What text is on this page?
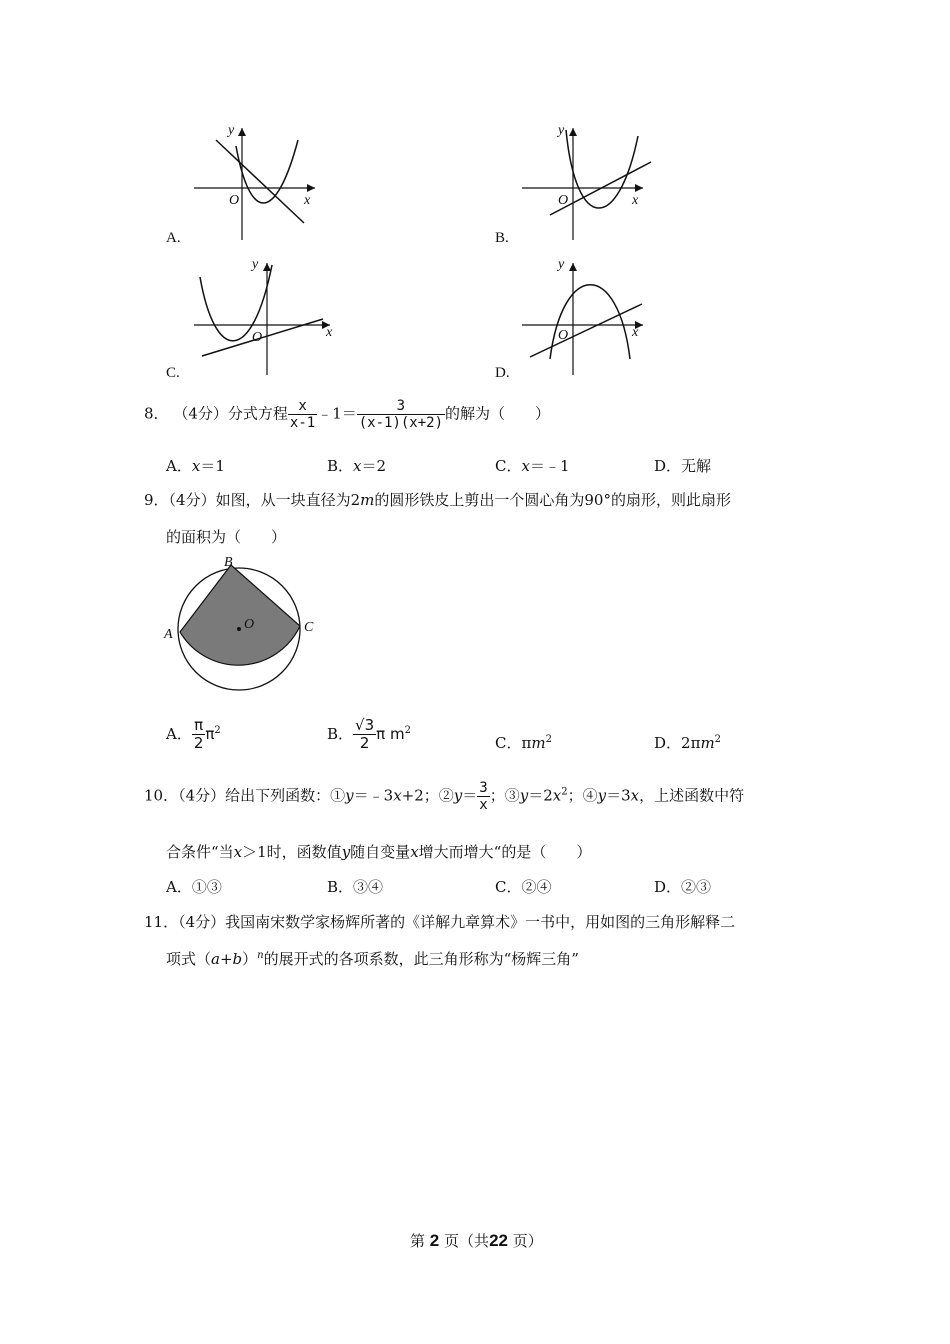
y
x
O
A.
y
x
O
B.
y
x
O
C.
y
x
O
D.
8． （4分）分式方程 $\frac{x}{x-1}$ ﹣1＝ $\frac{3}{(x-1)(x+2)}$ 的解为（　　）
A．x＝1	B．x＝2	C．x＝﹣1	D．无解
9．（4分）如图，从一块直径为2m的圆形铁皮上剪出一个圆心角为90°的扇形，则此扇形
的面积为（　　）
B
A	C
O
A． $\frac{\pi}{2} \pi^2$	B． $\frac{√3}{2}$ π $m^2$
C．$\pi m^2$	D．$2\pi m^2$
10．（4分）给出下列函数：①y＝﹣3x+2；②y＝ $\frac{3}{x}$ ；$③y=2x^2$；④y＝3x，上述函数中符
合条件“当x＞1时，函数值y随自变量x增大而增大“的是（　　）
A．①③	B．③④	C．②④	D．②③
11．（4分）我国南宋数学家杨辉所著的《详解九章算术》一书中，用如图的三角形解释二
项式$(a+b)^n$的展开式的各项系数，此三角形称为“杨辉三角”
第 2 页（共22 页）
